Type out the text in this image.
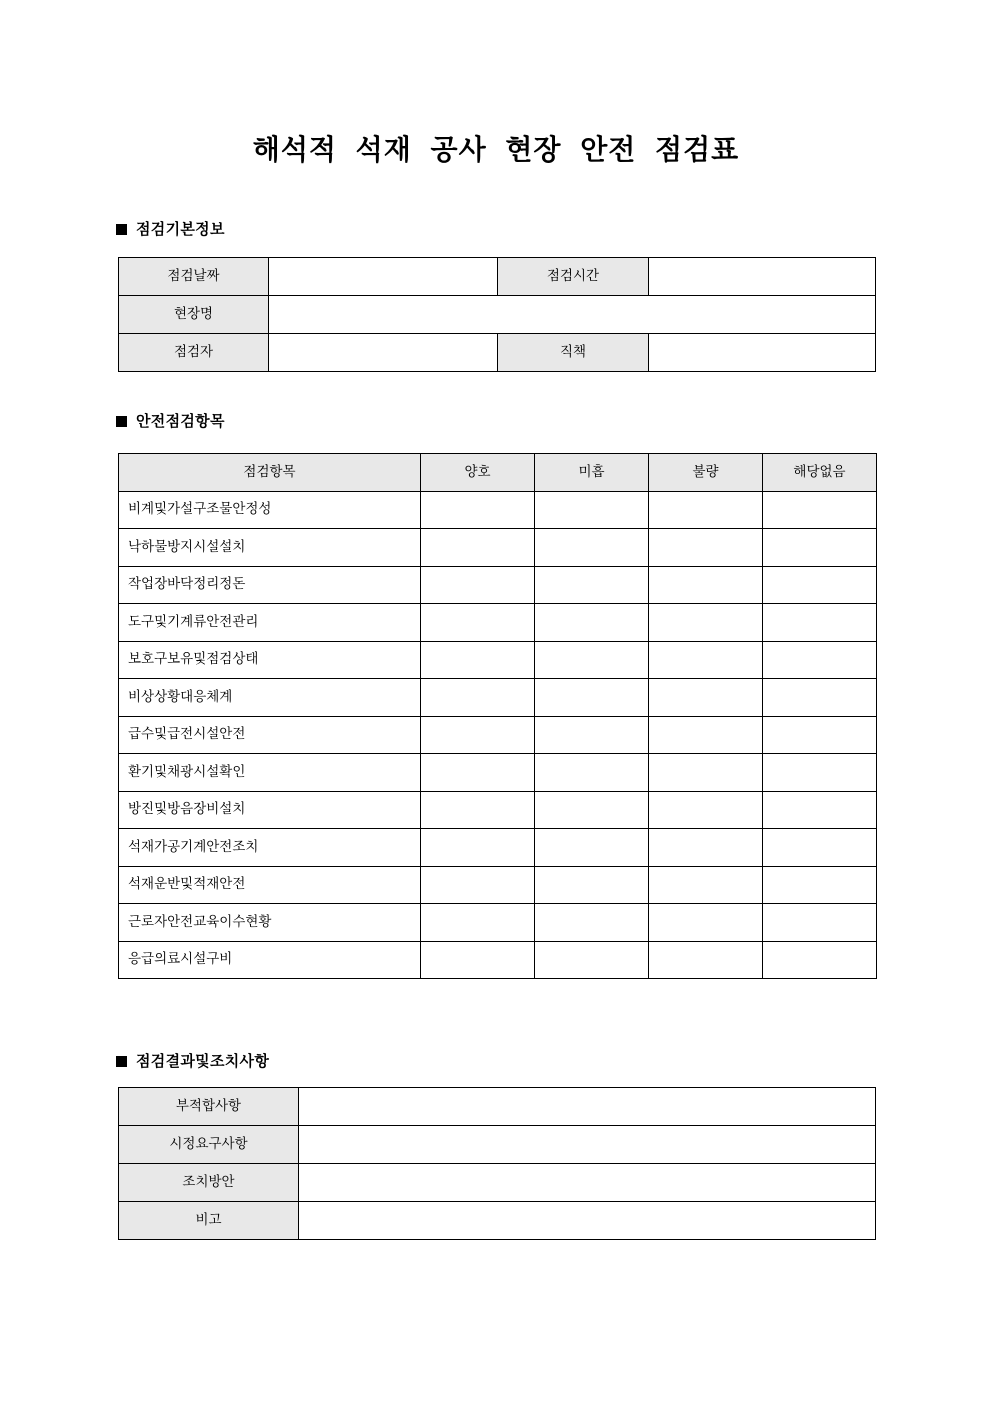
해석적 석재 공사 현장 안전 점검표
점검기본정보
점검날짜		점검시간	
현장명			
점검자		직책	
안전점검항목
점검항목	양호	미흡	불량	해당없음
비계및가설구조물안정성				
낙하물방지시설설치				
작업장바닥정리정돈				
도구및기계류안전관리				
보호구보유및점검상태				
비상상황대응체계				
급수및급전시설안전				
환기및채광시설확인				
방진및방음장비설치				
석재가공기계안전조치				
석재운반및적재안전				
근로자안전교육이수현황				
응급의료시설구비				
점검결과및조치사항
부적합사항	
시정요구사항	
조치방안	
비고	
